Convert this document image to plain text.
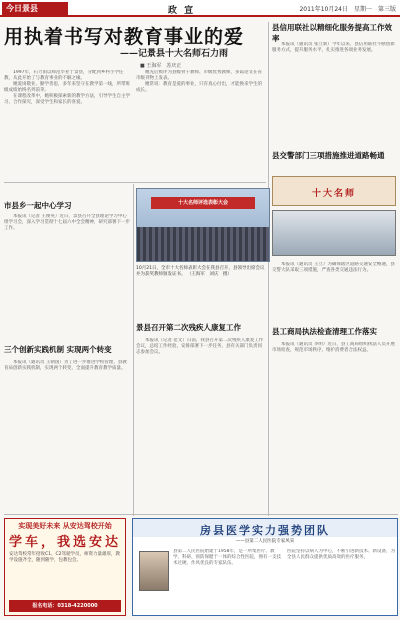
今日景县	政 宣	2011年10月24日　星期一　第三版
用执着书写对教育事业的爱
——记景县十大名师石力雨
■ 王海军　苏庆正

1997年，石力雨以师范毕业于景县，分配到乡村小学任教，从此开始了与教育事业的不解之缘。

她爱岗敬业、勤学善思，多年来坚守在教学第一线，所带班级成绩始终名列前茅。

在课程改革中，她积极探索新的教学方法，引导学生自主学习、合作探究，深受学生和家长的喜爱。

她先后被评为县级骨干教师、市级优秀教师，多篇论文在省市级刊物上发表。

她常说：教育是爱的事业，只有真心付出，才能换来学生的成长。

十大名师评选表彰大会
10月21日，全市十大名师表彰大会在我县召开，县领导出席会议并为获奖教师颁发证书。 （王海军　刘庆　摄）
市县乡一起中心学习

本报讯（记者 王俊英）近日，景县召开全县理论学习中心组学习会，深入学习贯彻十七届六中全会精神，研究部署下一步工作。

三个创新实践机制 实现两个转变

本报讯（通讯员 王朝国）为了进一步推进学校管理，县教育局创新实践机制，实现两个转变，全面提升教育教学质量。

景县召开第二次残疾人康复工作

本报讯（记者 范文）日前，我县召开第二次残疾人康复工作会议，总结工作经验，安排部署下一步任务，县有关部门负责同志参加会议。

县信用联社以精细化服务提高工作效率

本报讯（通讯员 张立新）今年以来，县信用联社不断创新服务方式，提升服务水平，扎实推进各项业务发展。

十大名师
县交警部门三项措施推进道路畅通

本报讯（通讯员 王立）为确保辖区道路交通安全畅通，县交警大队采取三项措施，严查各类交通违法行为。

县工商局执法检查清理工作落实

本报讯（通讯员 李明）近日，县工商局组织执法人员开展市场检查，规范市场秩序，维护消费者合法权益。

实现美好未来 从安达驾校开始
学车，我选安达
安达驾校常年招收C1、C2驾驶学员，师资力量雄厚，教学设施齐全，随到随学，包教包会。
报名电话：0318-4220000
房县医学实力强势团队
——县第二人民医院专家风采

县第二人民医院始建于1958年，是一所集医疗、教学、科研、预防保健于一体的综合性医院，拥有一支技术过硬、作风优良的专家队伍。

医院坚持以病人为中心，不断引进新技术、新设备，为全县人民群众提供优质高效的医疗服务。
